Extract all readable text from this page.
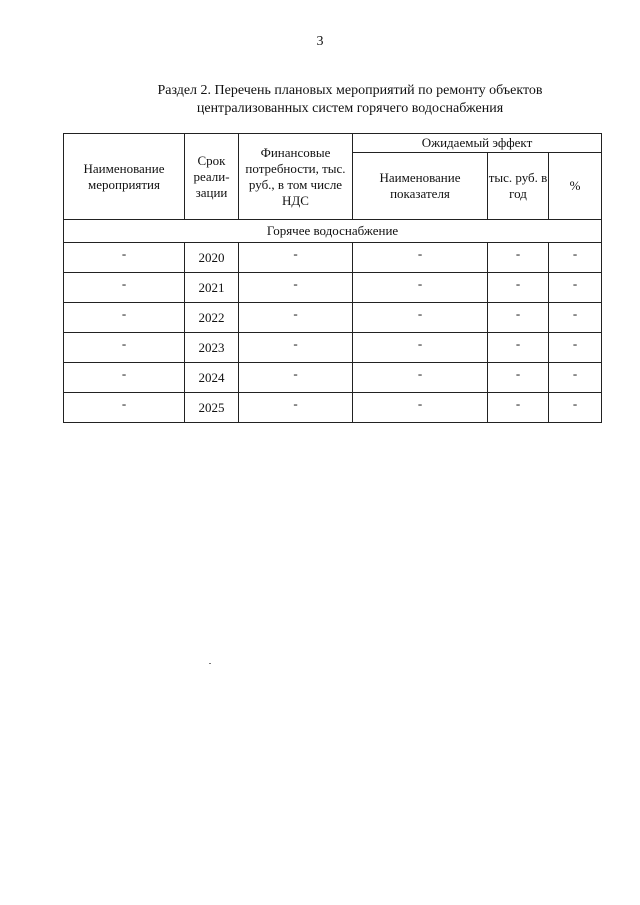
3
Раздел 2. Перечень плановых мероприятий по ремонту объектов
централизованных систем горячего водоснабжения
Наименование мероприятия	Срок реали-зации	Финансовые потребности, тыс. руб., в том числе НДС	Ожидаемый эффект		
			Наименование показателя	тыс. руб. в год	%
Горячее водоснабжение					
-	2020	-	-	-	-
-	2021	-	-	-	-
-	2022	-	-	-	-
-	2023	-	-	-	-
-	2024	-	-	-	-
-	2025	-	-	-	-
